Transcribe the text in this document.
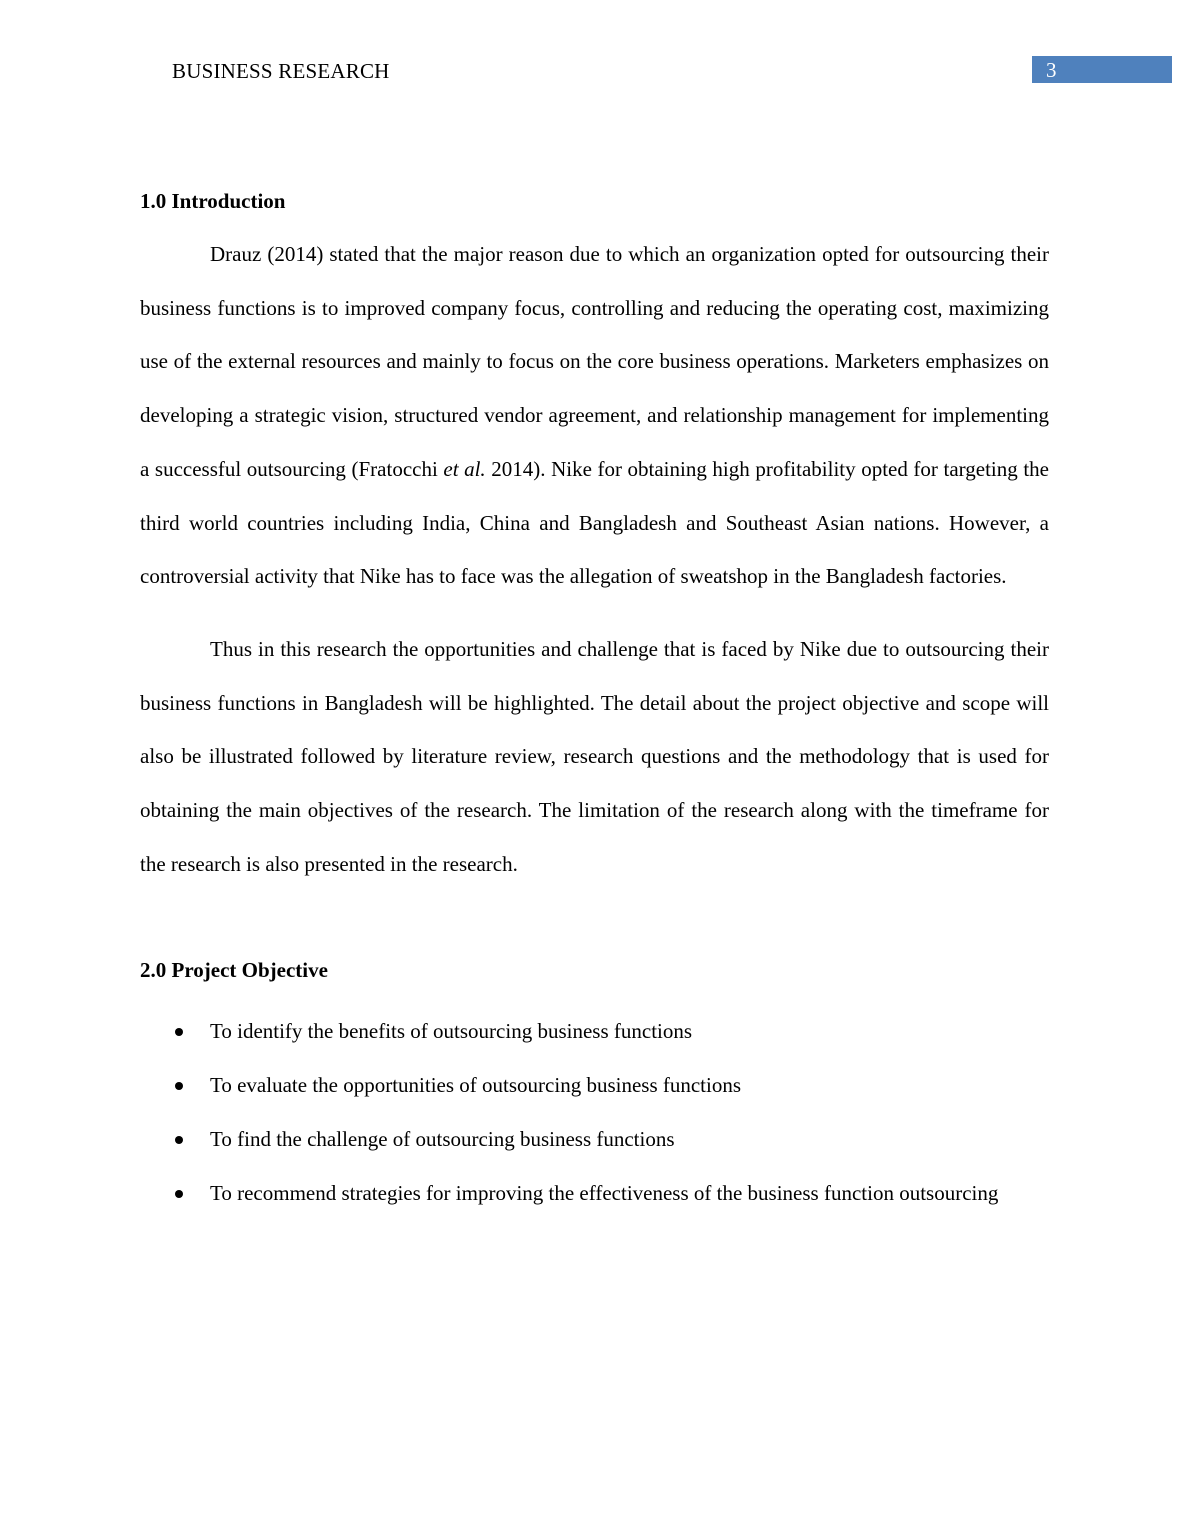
BUSINESS RESEARCH	3
1.0 Introduction

Drauz (2014) stated that the major reason due to which an organization opted for outsourcing their business functions is to improved company focus, controlling and reducing the operating cost, maximizing use of the external resources and mainly to focus on the core business operations. Marketers emphasizes on developing a strategic vision, structured vendor agreement, and relationship management for implementing a successful outsourcing (Fratocchi et al. 2014). Nike for obtaining high profitability opted for targeting the third world countries including India, China and Bangladesh and Southeast Asian nations. However, a controversial activity that Nike has to face was the allegation of sweatshop in the Bangladesh factories.

Thus in this research the opportunities and challenge that is faced by Nike due to outsourcing their business functions in Bangladesh will be highlighted. The detail about the project objective and scope will also be illustrated followed by literature review, research questions and the methodology that is used for obtaining the main objectives of the research. The limitation of the research along with the timeframe for the research is also presented in the research.

2.0 Project Objective
To identify the benefits of outsourcing business functions
To evaluate the opportunities of outsourcing business functions
To find the challenge of outsourcing business functions
To recommend strategies for improving the effectiveness of the business function outsourcing
